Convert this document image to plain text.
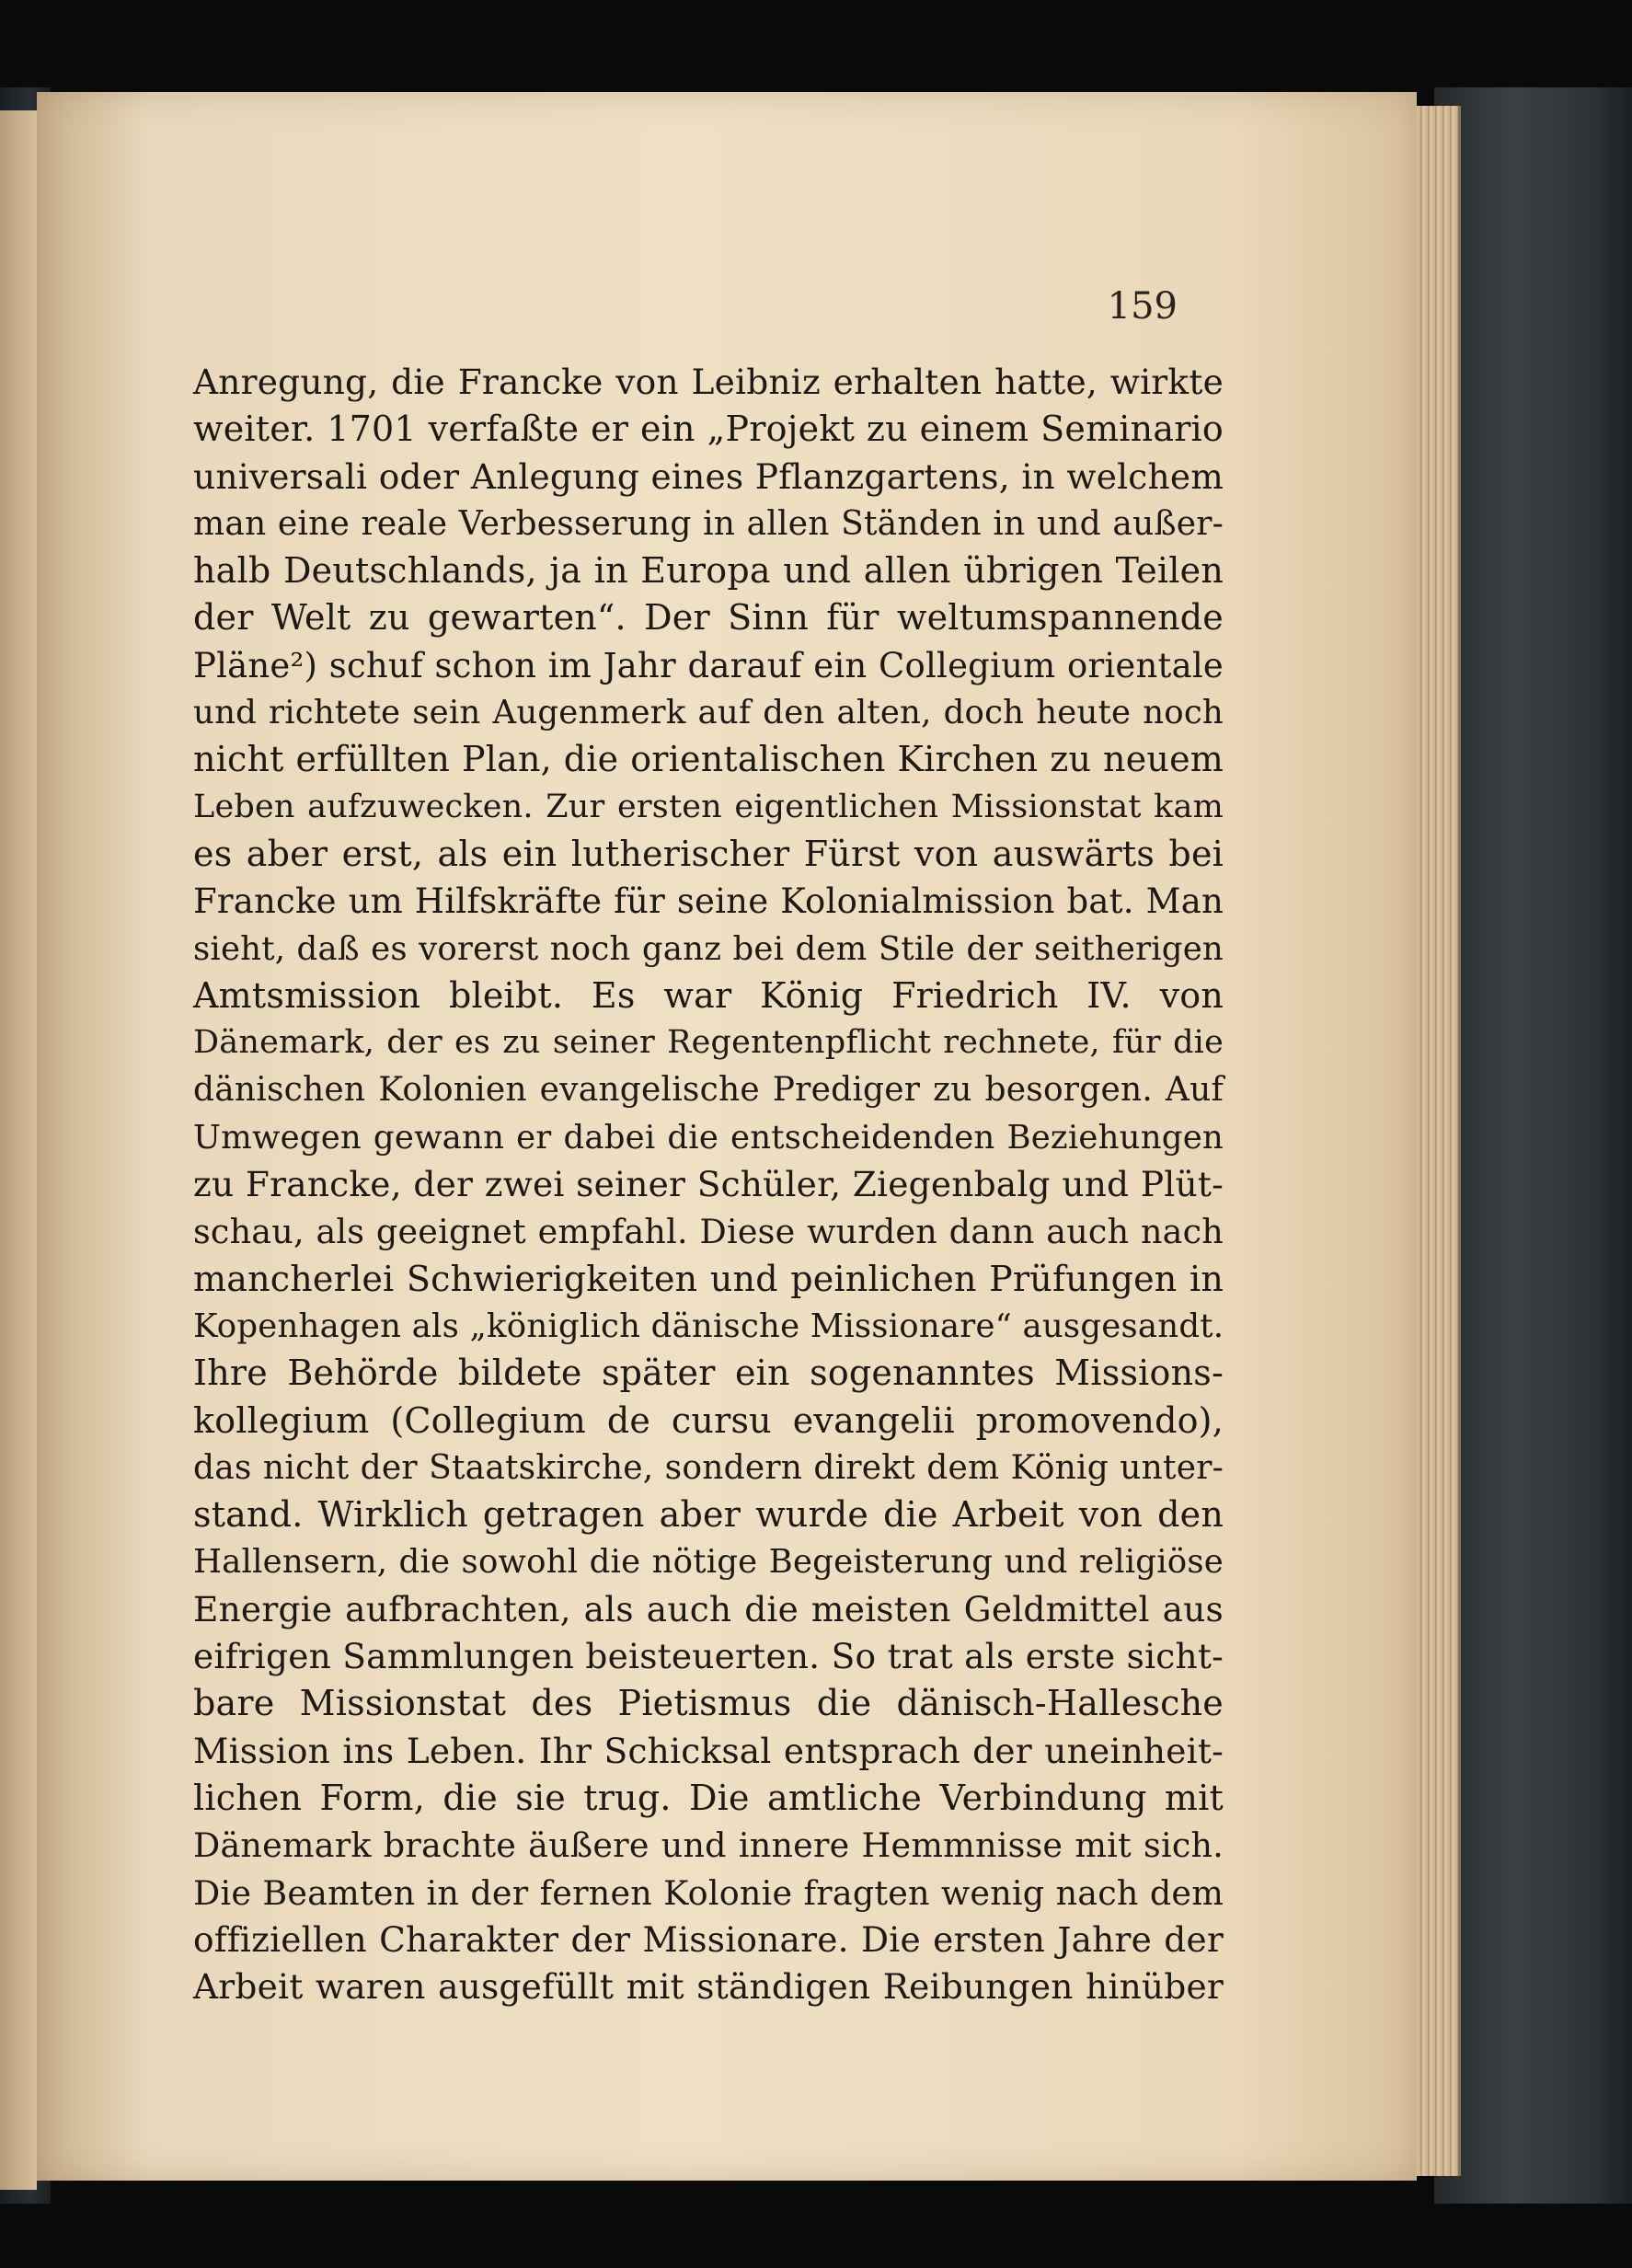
159
Anregung, die Francke von Leibniz erhalten hatte, wirkte
weiter. 1701 verfaßte er ein „Projekt zu einem Seminario
universali oder Anlegung eines Pflanzgartens, in welchem
man eine reale Verbesserung in allen Ständen in und außer-
halb Deutschlands, ja in Europa und allen übrigen Teilen
der Welt zu gewarten“. Der Sinn für weltumspannende
Pläne²) schuf schon im Jahr darauf ein Collegium orientale
und richtete sein Augenmerk auf den alten, doch heute noch
nicht erfüllten Plan, die orientalischen Kirchen zu neuem
Leben aufzuwecken. Zur ersten eigentlichen Missionstat kam
es aber erst, als ein lutherischer Fürst von auswärts bei
Francke um Hilfskräfte für seine Kolonialmission bat. Man
sieht, daß es vorerst noch ganz bei dem Stile der seitherigen
Amtsmission bleibt. Es war König Friedrich IV. von
Dänemark, der es zu seiner Regentenpflicht rechnete, für die
dänischen Kolonien evangelische Prediger zu besorgen. Auf
Umwegen gewann er dabei die entscheidenden Beziehungen
zu Francke, der zwei seiner Schüler, Ziegenbalg und Plüt-
schau, als geeignet empfahl. Diese wurden dann auch nach
mancherlei Schwierigkeiten und peinlichen Prüfungen in
Kopenhagen als „königlich dänische Missionare“ ausgesandt.
Ihre Behörde bildete später ein sogenanntes Missions-
kollegium (Collegium de cursu evangelii promovendo),
das nicht der Staatskirche, sondern direkt dem König unter-
stand. Wirklich getragen aber wurde die Arbeit von den
Hallensern, die sowohl die nötige Begeisterung und religiöse
Energie aufbrachten, als auch die meisten Geldmittel aus
eifrigen Sammlungen beisteuerten. So trat als erste sicht-
bare Missionstat des Pietismus die dänisch-Hallesche
Mission ins Leben. Ihr Schicksal entsprach der uneinheit-
lichen Form, die sie trug. Die amtliche Verbindung mit
Dänemark brachte äußere und innere Hemmnisse mit sich.
Die Beamten in der fernen Kolonie fragten wenig nach dem
offiziellen Charakter der Missionare. Die ersten Jahre der
Arbeit waren ausgefüllt mit ständigen Reibungen hinüber
